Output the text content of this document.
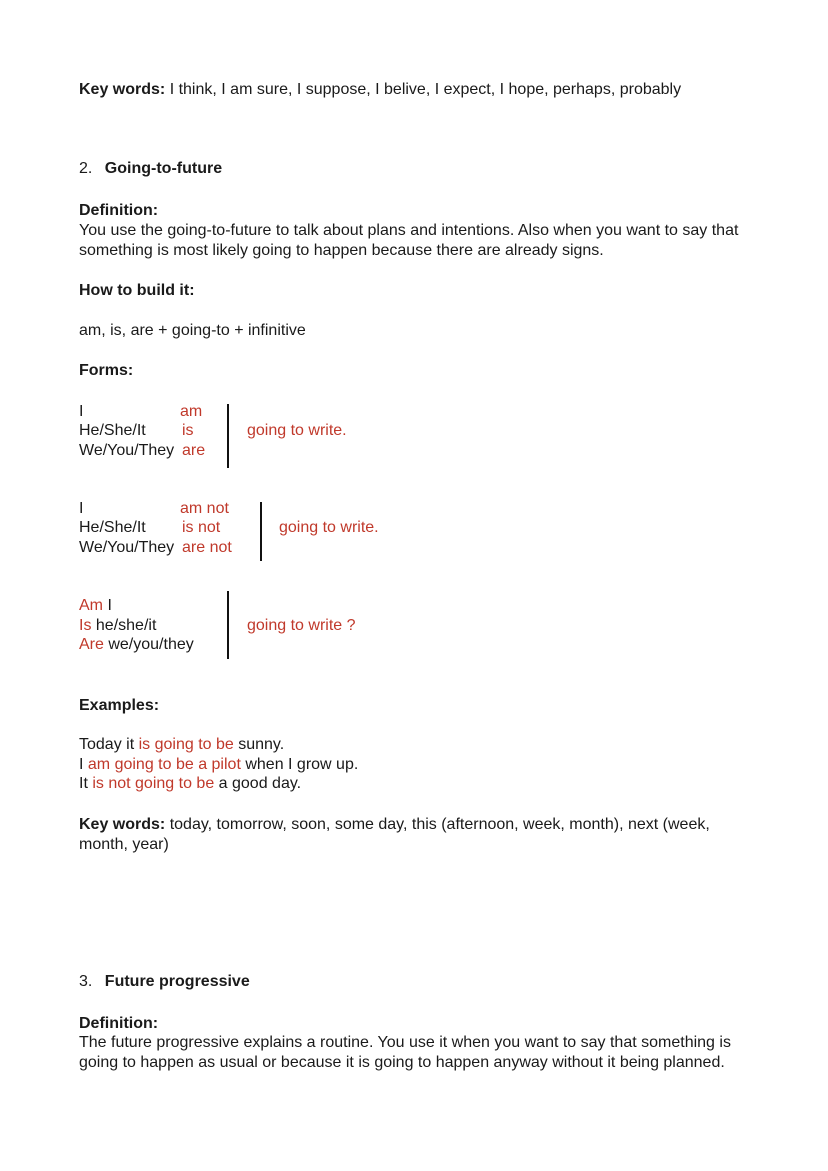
Key words: I think, I am sure, I suppose, I belive, I expect, I hope, perhaps, probably
2. Going-to-future
Definition:
You use the going-to-future to talk about plans and intentions. Also when you want to say that something is most likely going to happen because there are already signs.
How to build it:
am, is, are + going-to + infinitive
Forms:
I
He/She/It
We/You/They
am
is
are
going to write.
I
He/She/It
We/You/They
am not
is not
are not
going to write.
Am I
Is he/she/it
Are we/you/they
going to write ?
Examples:
Today it is going to be sunny.
I am going to be a pilot when I grow up.
It is not going to be a good day.
Key words: today, tomorrow, soon, some day, this (afternoon, week, month), next (week, month, year)
3. Future progressive
Definition:
The future progressive explains a routine. You use it when you want to say that something is going to happen as usual or because it is going to happen anyway without it being planned.
